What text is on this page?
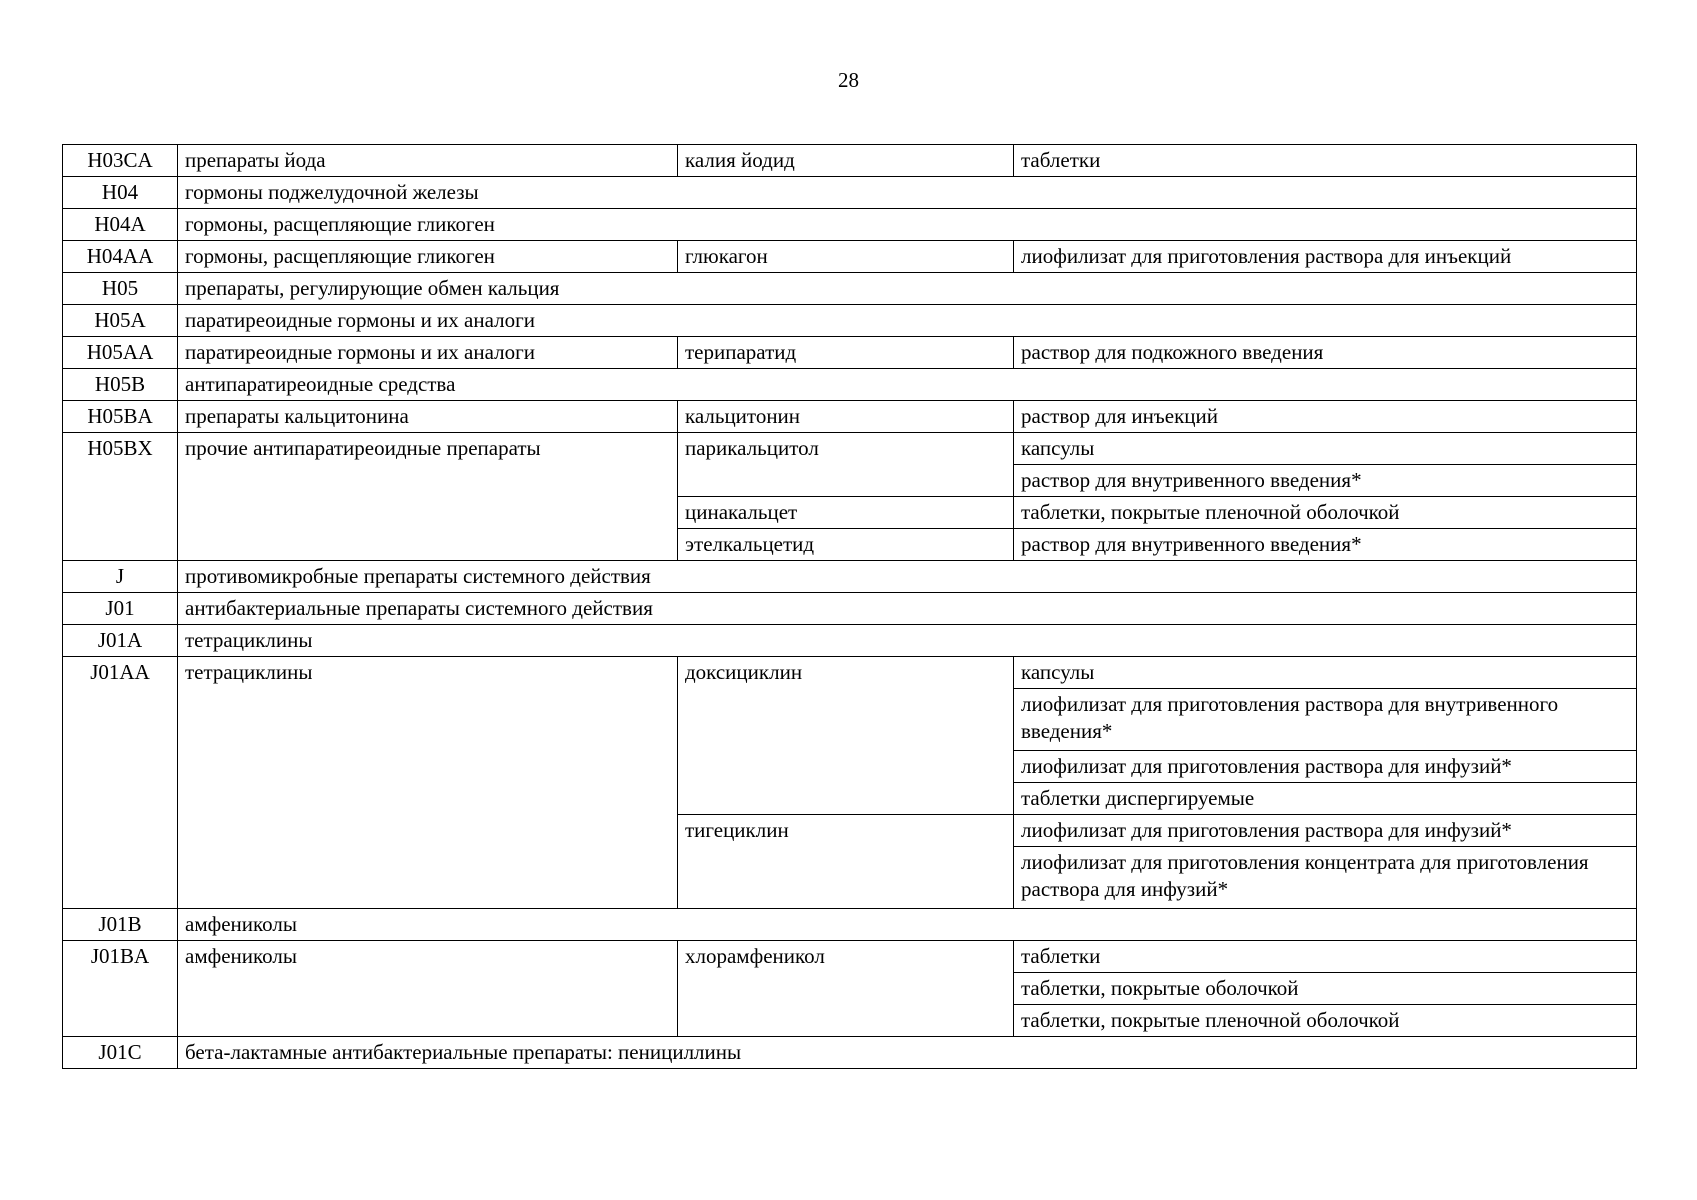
28
H03CA	препараты йода	калия йодид	таблетки
H04	гормоны поджелудочной железы		
H04A	гормоны, расщепляющие гликоген		
H04AA	гормоны, расщепляющие гликоген	глюкагон	лиофилизат для приготовления раствора для инъекций
H05	препараты, регулирующие обмен кальция		
H05A	паратиреоидные гормоны и их аналоги		
H05AA	паратиреоидные гормоны и их аналоги	терипаратид	раствор для подкожного введения
H05B	антипаратиреоидные средства		
H05BA	препараты кальцитонина	кальцитонин	раствор для инъекций
H05BX	прочие антипаратиреоидные препараты	парикальцитол	капсулы
			раствор для внутривенного введения*
		цинакальцет	таблетки, покрытые пленочной оболочкой
		этелкальцетид	раствор для внутривенного введения*
J	противомикробные препараты системного действия		
J01	антибактериальные препараты системного действия		
J01A	тетрациклины		
J01AA	тетрациклины	доксициклин	капсулы
			лиофилизат для приготовления раствора для внутривенного введения*
			лиофилизат для приготовления раствора для инфузий*
			таблетки диспергируемые
		тигециклин	лиофилизат для приготовления раствора для инфузий*
			лиофилизат для приготовления концентрата для приготовления раствора для инфузий*
J01B	амфениколы		
J01BA	амфениколы	хлорамфеникол	таблетки
			таблетки, покрытые оболочкой
			таблетки, покрытые пленочной оболочкой
J01C	бета-лактамные антибактериальные препараты: пенициллины		
